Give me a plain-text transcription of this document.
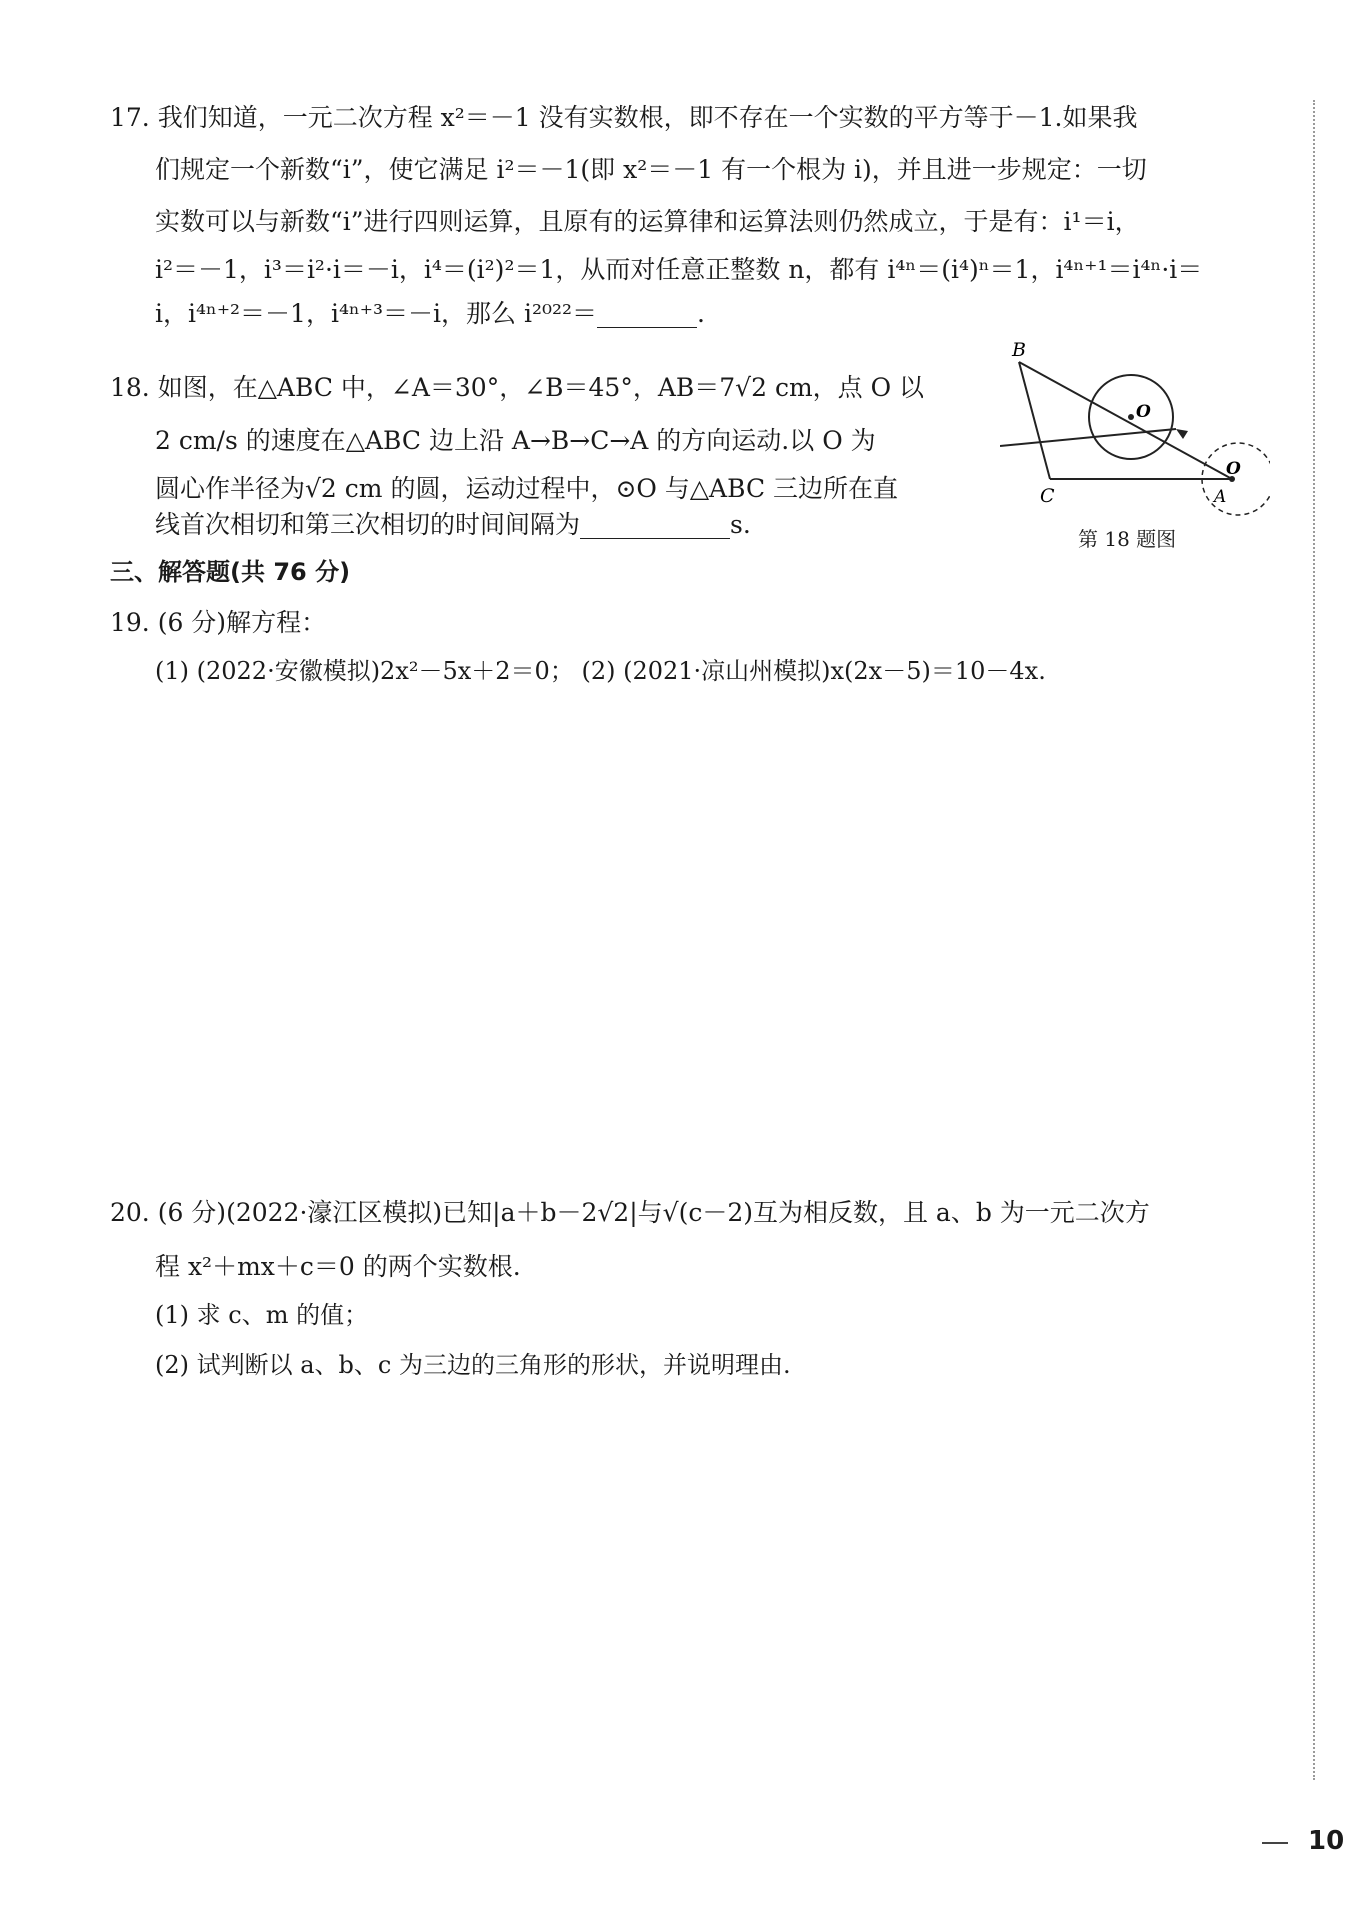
17. 我们知道，一元二次方程 x²＝－1 没有实数根，即不存在一个实数的平方等于－1.如果我
们规定一个新数“i”，使它满足 i²＝－1(即 x²＝－1 有一个根为 i)，并且进一步规定：一切
实数可以与新数“i”进行四则运算，且原有的运算律和运算法则仍然成立，于是有：i¹＝i，
i²＝－1，i³＝i²·i＝－i，i⁴＝(i²)²＝1，从而对任意正整数 n，都有 i⁴ⁿ＝(i⁴)ⁿ＝1，i⁴ⁿ⁺¹＝i⁴ⁿ·i＝
i，i⁴ⁿ⁺²＝－1，i⁴ⁿ⁺³＝－i，那么 i²⁰²²＝________.
18. 如图，在△ABC 中，∠A＝30°，∠B＝45°，AB＝7√2 cm，点 O 以
2 cm/s 的速度在△ABC 边上沿 A→B→C→A 的方向运动.以 O 为
圆心作半径为√2 cm 的圆，运动过程中，⊙O 与△ABC 三边所在直
线首次相切和第三次相切的时间间隔为____________s.
B
C	A
O
O
第 18 题图
三、解答题(共 76 分)
19. (6 分)解方程：
(1) (2022·安徽模拟)2x²－5x＋2＝0； (2) (2021·凉山州模拟)x(2x－5)＝10－4x.
20. (6 分)(2022·濠江区模拟)已知|a＋b－2√2|与√(c－2)互为相反数，且 a、b 为一元二次方
程 x²＋mx＋c＝0 的两个实数根.
(1) 求 c、m 的值；
(2) 试判断以 a、b、c 为三边的三角形的形状，并说明理由.
10
